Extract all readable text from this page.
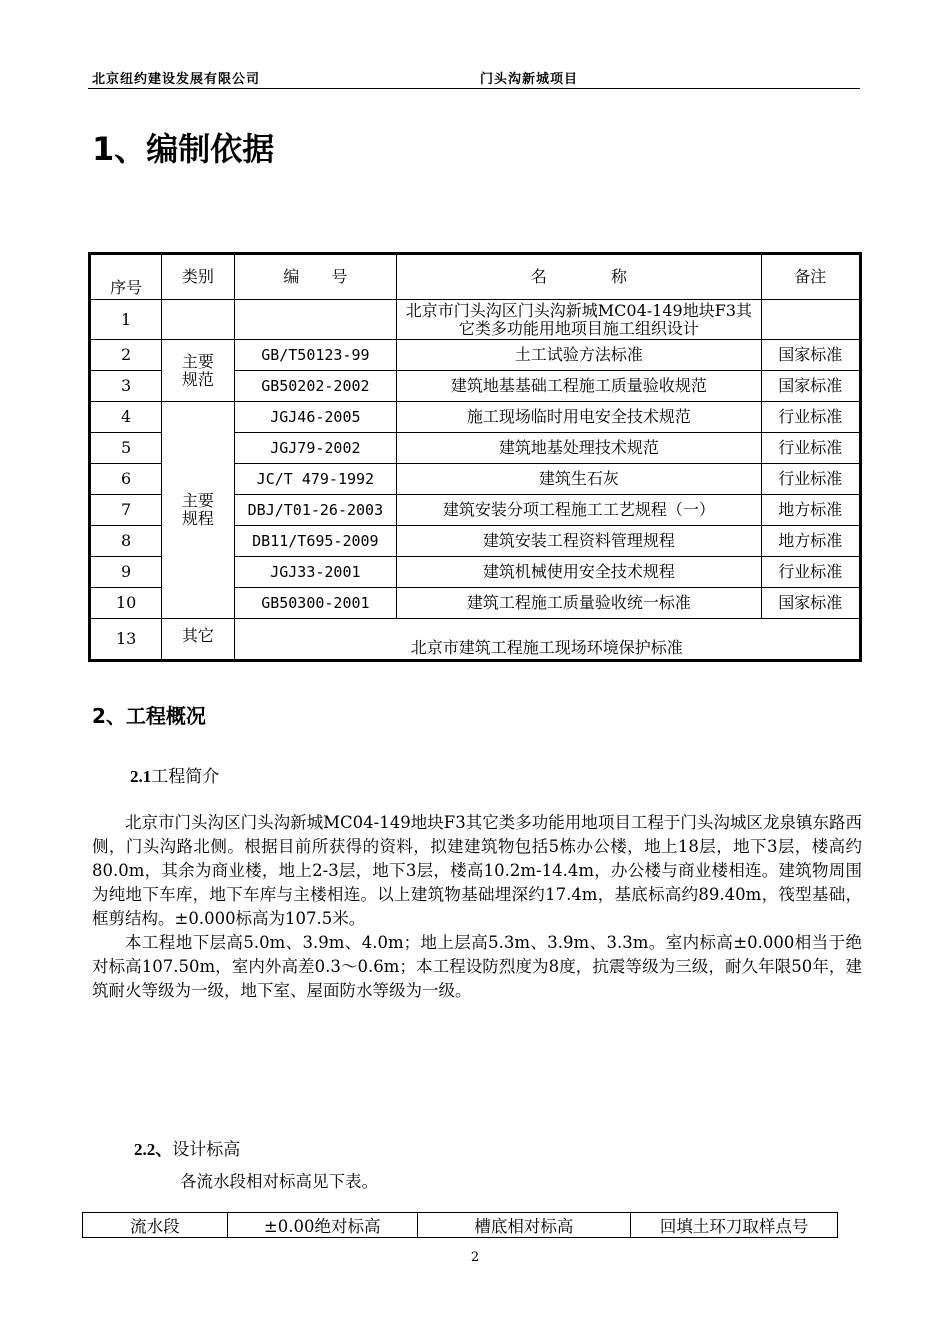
北京纽约建设发展有限公司	门头沟新城项目
1、编制依据
序号	类别	编　　号	名　　　　称	备注
1			北京市门头沟区门头沟新城MC04-149地块F3其它类多功能用地项目施工组织设计	
2	主要规范	GB/T50123-99	土工试验方法标准	国家标准
3		GB50202-2002	建筑地基基础工程施工质量验收规范	国家标准
4	主要规程	JGJ46-2005	施工现场临时用电安全技术规范	行业标准
5		JGJ79-2002	建筑地基处理技术规范	行业标准
6		JC/T 479-1992	建筑生石灰	行业标准
7		DBJ/T01-26-2003	建筑安装分项工程施工工艺规程（一）	地方标准
8		DB11/T695-2009	建筑安装工程资料管理规程	地方标准
9		JGJ33-2001	建筑机械使用安全技术规程	行业标准
10		GB50300-2001	建筑工程施工质量验收统一标准	国家标准
13	其它	北京市建筑工程施工现场环境保护标准		
2、工程概况
2.1工程简介

北京市门头沟区门头沟新城MC04-149地块F3其它类多功能用地项目工程于门头沟城区龙泉镇东路西侧，门头沟路北侧。根据目前所获得的资料，拟建建筑物包括5栋办公楼，地上18层，地下3层，楼高约80.0m，其余为商业楼，地上2-3层，地下3层，楼高10.2m-14.4m，办公楼与商业楼相连。建筑物周围为纯地下车库，地下车库与主楼相连。以上建筑物基础埋深约17.4m，基底标高约89.40m，筏型基础，框剪结构。±0.000标高为107.5米。

本工程地下层高5.0m、3.9m、4.0m；地上层高5.3m、3.9m、3.3m。室内标高±0.000相当于绝对标高107.50m，室内外高差0.3～0.6m；本工程设防烈度为8度，抗震等级为三级，耐久年限50年，建筑耐火等级为一级，地下室、屋面防水等级为一级。

2.2、设计标高
各流水段相对标高见下表。
流水段	±0.00绝对标高	槽底相对标高	回填土环刀取样点号
2
